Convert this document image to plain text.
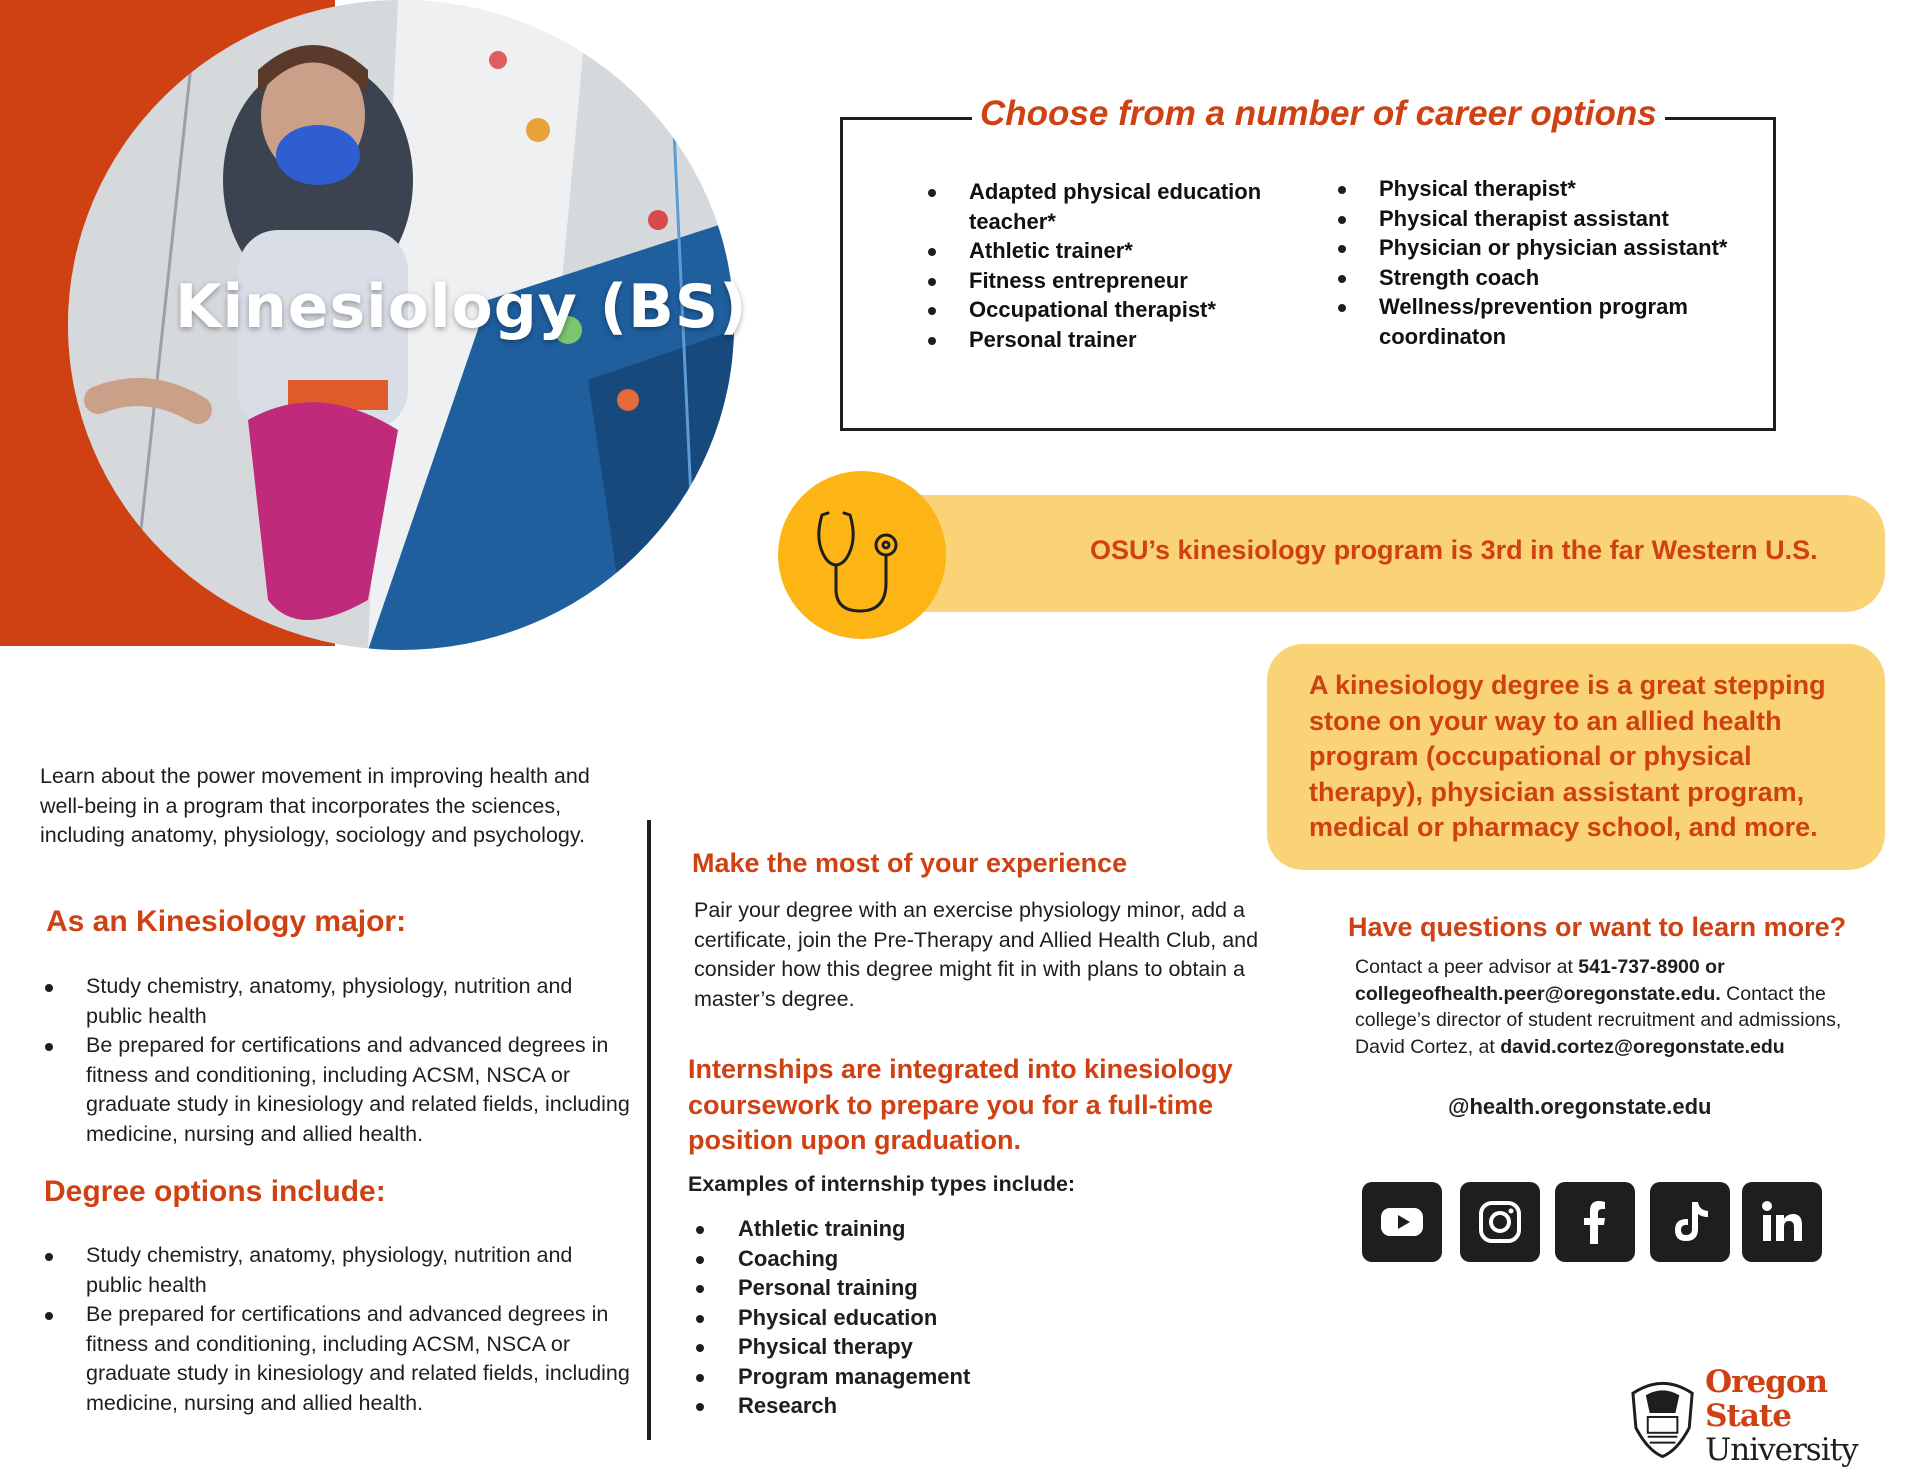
Kinesiology (BS)
Choose from a number of career options
Adapted physical education teacher*
Athletic trainer*
Fitness entrepreneur
Occupational therapist*
Personal trainer
Physical therapist*
Physical therapist assistant
Physician or physician assistant*
Strength coach
Wellness/prevention program coordinaton
OSU’s kinesiology program is 3rd in the far Western U.S.
A kinesiology degree is a great stepping stone on your way to an allied health program (occupational or physical therapy), physician assistant program, medical or pharmacy school, and more.
Learn about the power movement in improving health and well-being in a program that incorporates the sciences, including anatomy, physiology, sociology and psychology.
As an Kinesiology major:
Study chemistry, anatomy, physiology, nutrition and public health
Be prepared for certifications and advanced degrees in fitness and conditioning, including ACSM, NSCA or graduate study in kinesiology and related fields, including medicine, nursing and allied health.
Degree options include:
Study chemistry, anatomy, physiology, nutrition and public health
Be prepared for certifications and advanced degrees in fitness and conditioning, including ACSM, NSCA or graduate study in kinesiology and related fields, including medicine, nursing and allied health.
Make the most of your experience
Pair your degree with an exercise physiology minor, add a certificate, join the Pre-Therapy and Allied Health Club, and consider how this degree might fit in with plans to obtain a master’s degree.
Internships are integrated into kinesiology coursework to prepare you for a full-time position upon graduation.
Examples of internship types include:
Athletic training
Coaching
Personal training
Physical education
Physical therapy
Program management
Research
Have questions or want to learn more?
Contact a peer advisor at 541-737-8900 or
collegeofhealth.peer@oregonstate.edu. Contact the college’s director of student recruitment and admissions, David Cortez, at david.cortez@oregonstate.edu
@health.oregonstate.edu
Oregon State
University
